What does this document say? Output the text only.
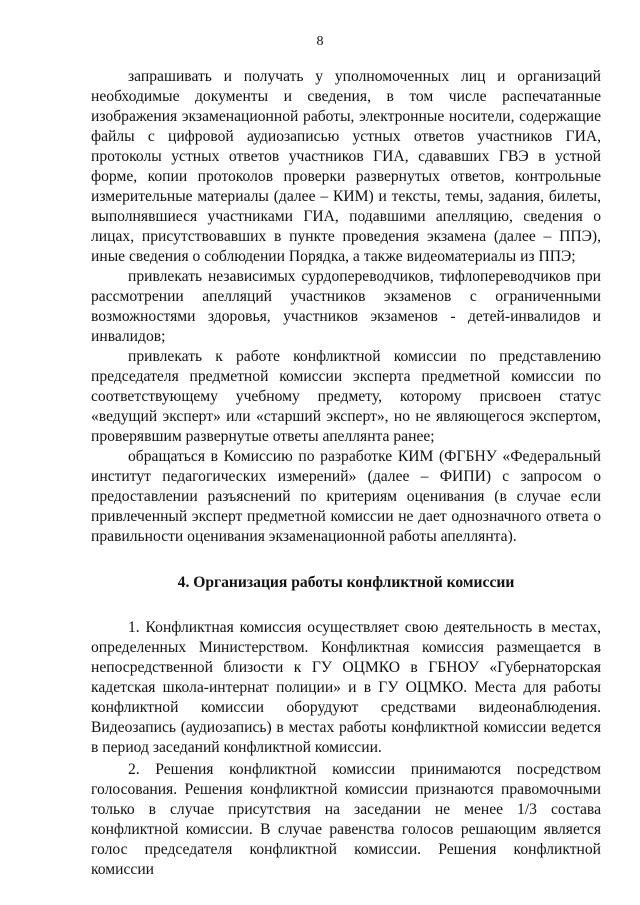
8

запрашивать и получать у уполномоченных лиц и организаций необходимые документы и сведения, в том числе распечатанные изображения экзаменационной работы, электронные носители, содержащие файлы с цифровой аудиозаписью устных ответов участников ГИА, протоколы устных ответов участников ГИА, сдававших ГВЭ в устной форме, копии протоколов проверки развернутых ответов, контрольные измерительные материалы (далее – КИМ) и тексты, темы, задания, билеты, выполнявшиеся участниками ГИА, подавшими апелляцию, сведения о лицах, присутствовавших в пункте проведения экзамена (далее – ППЭ), иные сведения о соблюдении Порядка, а также видеоматериалы из ППЭ;

привлекать независимых сурдопереводчиков, тифлопереводчиков при рассмотрении апелляций участников экзаменов с ограниченными возможностями здоровья, участников экзаменов - детей-инвалидов и инвалидов;

привлекать к работе конфликтной комиссии по представлению председателя предметной комиссии эксперта предметной комиссии по соответствующему учебному предмету, которому присвоен статус «ведущий эксперт» или «старший эксперт», но не являющегося экспертом, проверявшим развернутые ответы апеллянта ранее;

обращаться в Комиссию по разработке КИМ (ФГБНУ «Федеральный институт педагогических измерений» (далее – ФИПИ) с запросом о предоставлении разъяснений по критериям оценивания (в случае если привлеченный эксперт предметной комиссии не дает однозначного ответа о правильности оценивания экзаменационной работы апеллянта).

4. Организация работы конфликтной комиссии

1. Конфликтная комиссия осуществляет свою деятельность в местах, определенных Министерством. Конфликтная комиссия размещается в непосредственной близости к ГУ ОЦМКО в ГБНОУ «Губернаторская кадетская школа-интернат полиции» и в ГУ ОЦМКО. Места для работы конфликтной комиссии оборудуют средствами видеонаблюдения. Видеозапись (аудиозапись) в местах работы конфликтной комиссии ведется в период заседаний конфликтной комиссии.

2. Решения конфликтной комиссии принимаются посредством голосования. Решения конфликтной комиссии признаются правомочными только в случае присутствия на заседании не менее 1/3 состава конфликтной комиссии. В случае равенства голосов решающим является голос председателя конфликтной комиссии. Решения конфликтной комиссии
